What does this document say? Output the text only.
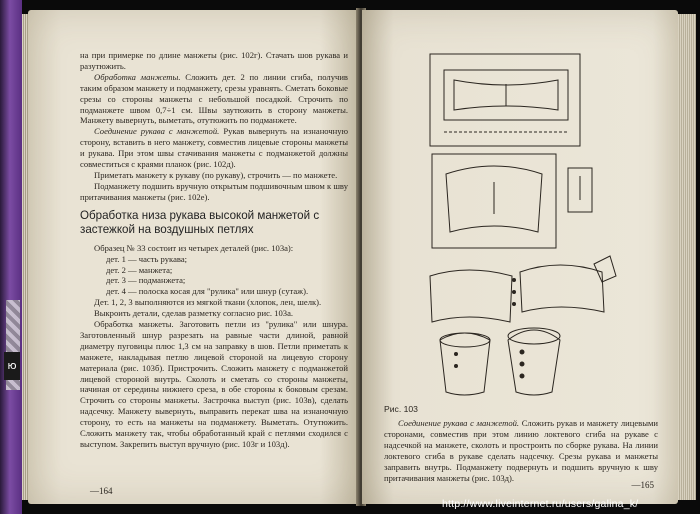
ю

на при примерке по длине манжеты (рис. 102г). Стачать шов рукава и разутюжить.

Обработка манжеты. Сложить дет. 2 по линии сгиба, получив таким образом манжету и подманжету, срезы уравнять. Сметать боковые срезы со стороны манжеты с небольшой посадкой. Строчить по подманжете швом 0,7÷1 см. Швы заутюжить в сторону манжеты. Манжету вывернуть, выметать, отутюжить по подманжете.

Соединение рукава с манжетой. Рукав вывернуть на изнаночную сторону, вставить в него манжету, совместив лицевые стороны манжеты и рукава. При этом швы стачивания манжеты с подманжетой должны совместиться с краями планок (рис. 102д).

Приметать манжету к рукаву (по рукаву), строчить — по манжете.

Подманжету подшить вручную открытым подшивочным швом к шву притачивания манжеты (рис. 102е).

Обработка низа рукава высокой манжетой с застежкой на воздушных петлях

Образец № 33 состоит из четырех деталей (рис. 103а):

дет. 1 — часть рукава;

дет. 2 — манжета;

дет. 3 — подманжета;

дет. 4 — полоска косая для "рулика" или шнур (сутаж).

Дет. 1, 2, 3 выполняются из мягкой ткани (хлопок, лен, шелк).

Выкроить детали, сделав разметку согласно рис. 103а.

Обработка манжеты. Заготовить петли из "рулика" или шнура. Заготовленный шнур разрезать на равные части длиной, равной диаметру пуговицы плюс 1,3 см на заправку в шов. Петли приметать к манжете, накладывая петлю лицевой стороной на лицевую сторону материала (рис. 103б). Пристрочить. Сложить манжету с подманжетой лицевой стороной внутрь. Сколоть и сметать со стороны манжеты, начиная от середины нижнего среза, в обе стороны к боковым срезам. Строчить со стороны манжеты. Застрочка выступ (рис. 103в), сделать надсечку. Манжету вывернуть, выправить перекат шва на изнаночную сторону, то есть на манжеты на подманжету. Выметать. Отутюжить. Сложить манжету так, чтобы обработанный край с петлями сходился с выступом. Закрепить выступ вручную (рис. 103г и 103д).

—164
Рис. 103

Соединение рукава с манжетой. Сложить рукав и манжету лицевыми сторонами, совместив при этом линию локтевого сгиба на рукаве с надсечкой на манжете, сколоть и простроить по сборке рукава. На линии локтевого сгиба в рукаве сделать надсечку. Срезы рукава и манжеты заправить внутрь. Подманжету подвернуть и подшить вручную к шву притачивания манжеты (рис. 103д).

—165
http://www.liveinternet.ru/users/galina_k/
